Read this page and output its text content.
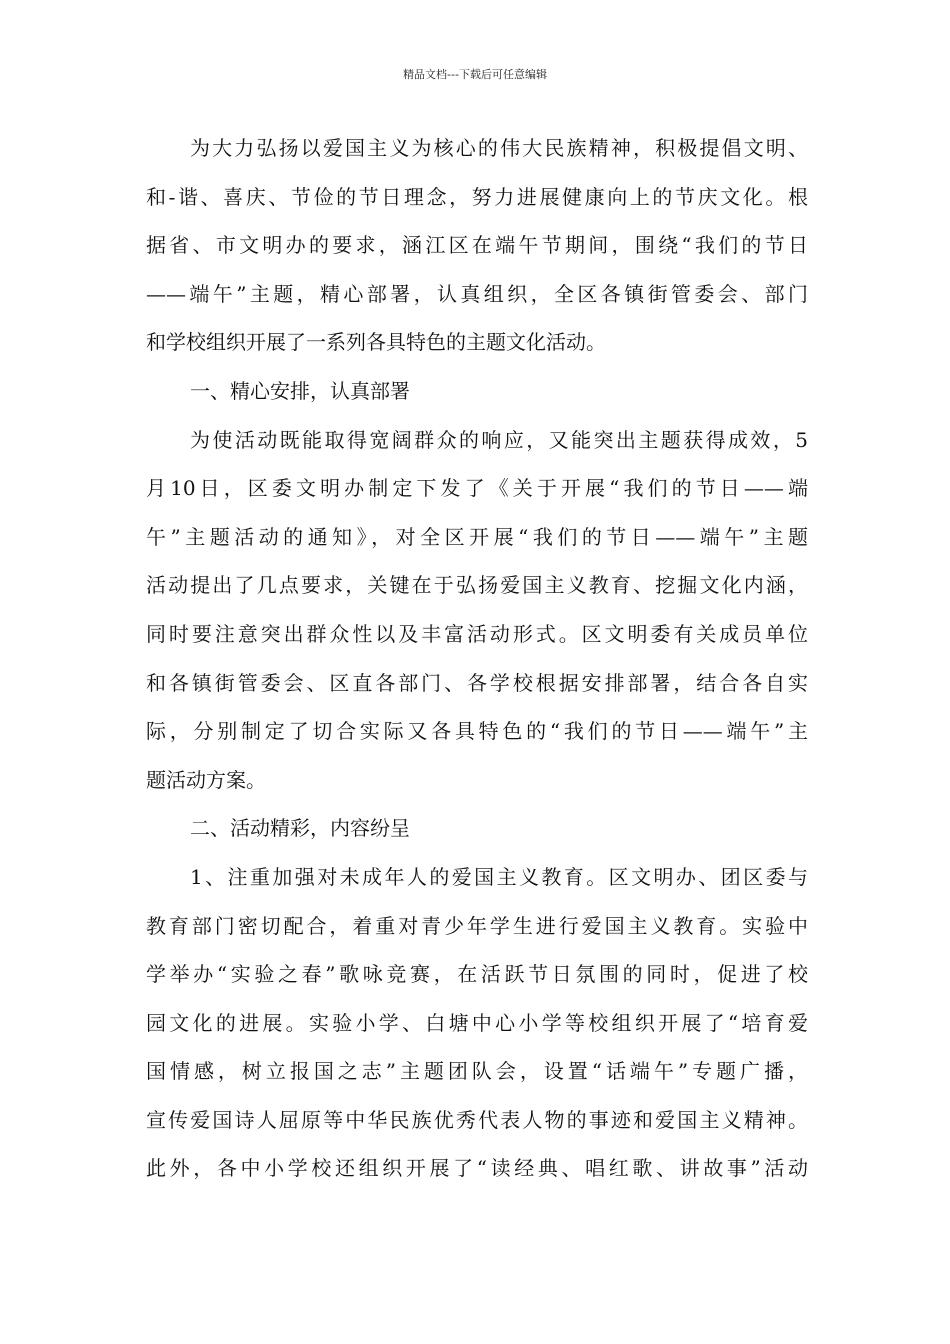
精品文档---下载后可任意编辑
为大力弘扬以爱国主义为核心的伟大民族精神，积极提倡文明、
和-谐、喜庆、节俭的节日理念，努力进展健康向上的节庆文化。根
据省、市文明办的要求，涵江区在端午节期间，围绕“我们的节日
——端午”主题，精心部署，认真组织，全区各镇街管委会、部门
和学校组织开展了一系列各具特色的主题文化活动。
一、精心安排，认真部署
为使活动既能取得宽阔群众的响应，又能突出主题获得成效，5
月10日，区委文明办制定下发了《关于开展“我们的节日——端
午”主题活动的通知》，对全区开展“我们的节日——端午”主题
活动提出了几点要求，关键在于弘扬爱国主义教育、挖掘文化内涵，
同时要注意突出群众性以及丰富活动形式。区文明委有关成员单位
和各镇街管委会、区直各部门、各学校根据安排部署，结合各自实
际，分别制定了切合实际又各具特色的“我们的节日——端午”主
题活动方案。
二、活动精彩，内容纷呈
1、注重加强对未成年人的爱国主义教育。区文明办、团区委与
教育部门密切配合，着重对青少年学生进行爱国主义教育。实验中
学举办“实验之春”歌咏竞赛，在活跃节日氛围的同时，促进了校
园文化的进展。实验小学、白塘中心小学等校组织开展了“培育爱
国情感，树立报国之志”主题团队会，设置“话端午”专题广播，
宣传爱国诗人屈原等中华民族优秀代表人物的事迹和爱国主义精神。
此外，各中小学校还组织开展了“读经典、唱红歌、讲故事”活动
